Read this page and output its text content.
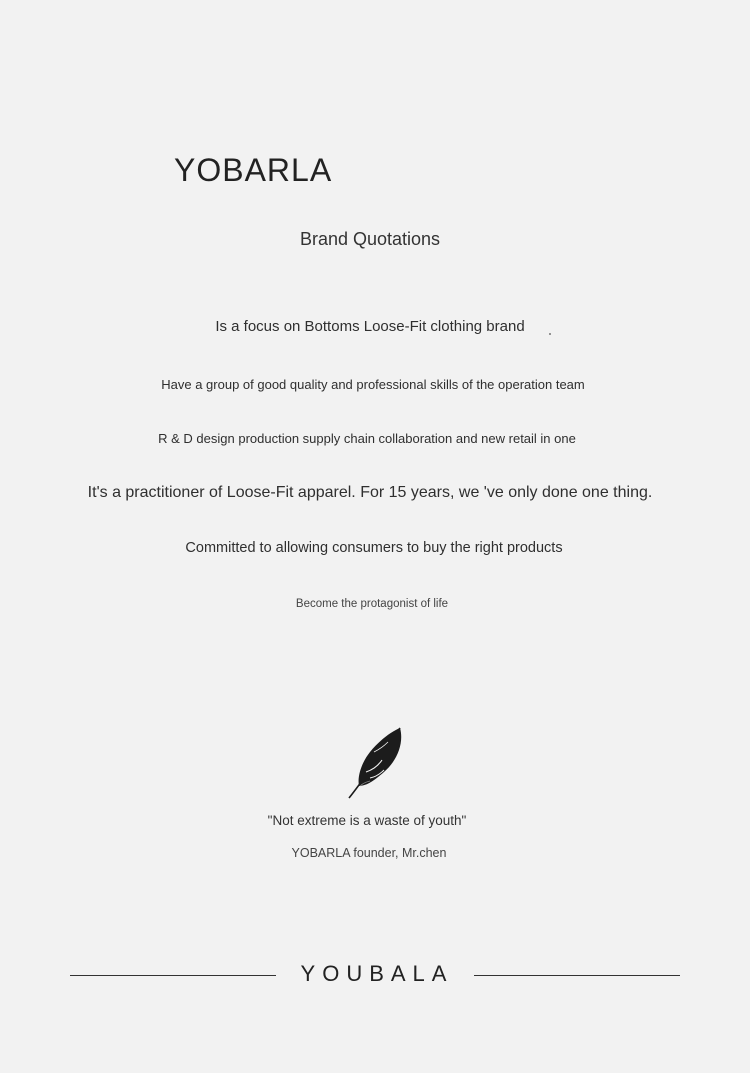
YOBARLA
Brand Quotations
Is a focus on Bottoms Loose-Fit clothing brand
Have a group of good quality and professional skills of the operation team
R & D design production supply chain collaboration and new retail in one
It's a practitioner of Loose-Fit apparel. For 15 years, we 've only done one thing.
Committed to allowing consumers to buy the right products
Become the protagonist of life
"Not extreme is a waste of youth"
YOBARLA founder, Mr.chen
YOUBALA
